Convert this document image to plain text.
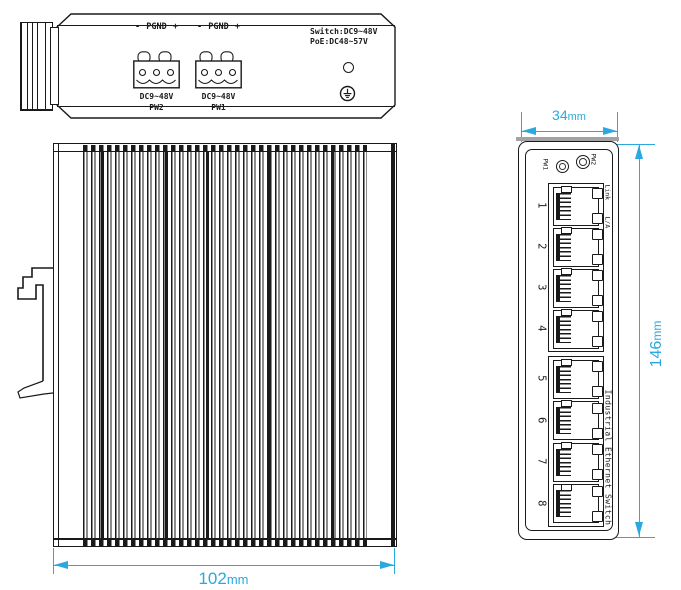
- PGND +
DC9~48V
PW2
- PGND +
DC9~48V
PW1
Switch:DC9~48V
PoE:DC48~57V
102mm
34mm
146mm
PW1	PW2
1
2
3
4
5
6
7
8
Link
L/A
Industrial Ethernet Switch
